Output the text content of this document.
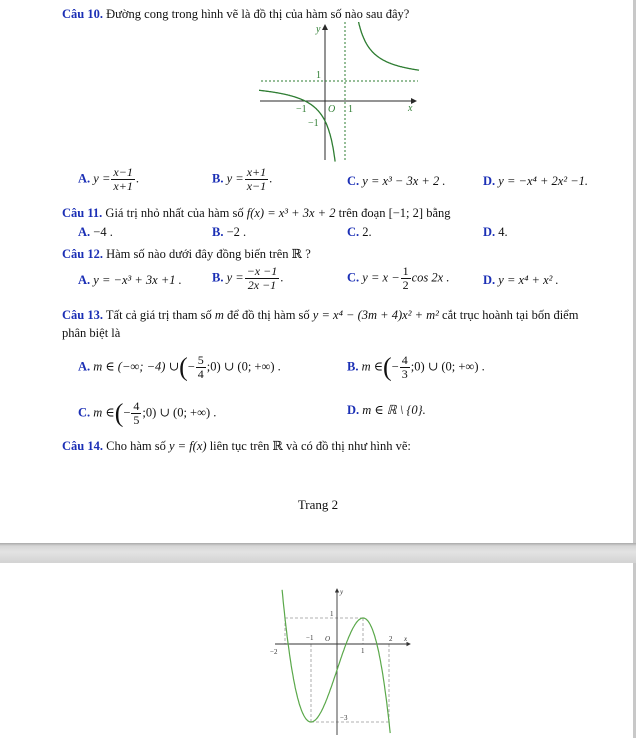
Câu 10. Đường cong trong hình vẽ là đồ thị của hàm số nào sau đây?
y
x
O
−1	1
1
−1
A. $y = \frac{x-1}{x+1}$ .	B. $y = \frac{x+1}{x-1}$ .	C. y = x³ − 3x + 2 .	D. y = −x⁴ + 2x² −1.
Câu 11. Giá trị nhỏ nhất của hàm số f(x) = x³ + 3x + 2 trên đoạn [−1; 2] bằng
A. −4 .	B. −2 .	C. 2.	D. 4.
Câu 12. Hàm số nào dưới đây đồng biến trên ℝ ?
A. y = −x³ + 3x +1 . B. $y = \frac{-x -1}{2x -1}$ .	C. $y = x - \frac{1}{2}$ cos 2x .	D. y = x⁴ + x² .
Câu 13. Tất cả giá trị tham số m để đồ thị hàm số y = x⁴ − (3m + 4)x² + m² cắt trục hoành tại bốn điểm
phân biệt là
A. m ∈ (−∞; −4) ∪(− $\frac{5}{4}$ ;0) ∪ (0; +∞) .	B. m ∈(− $\frac{4}{3}$ ;0) ∪ (0; +∞) .
C. m ∈(− $\frac{4}{5}$ ;0) ∪ (0; +∞) .	D. m ∈ ℝ \ {0}.
Câu 14. Cho hàm số y = f(x) liên tục trên ℝ và có đồ thị như hình vẽ:
Trang 2
y
x
O
−2
−1
1
2
1
−3
